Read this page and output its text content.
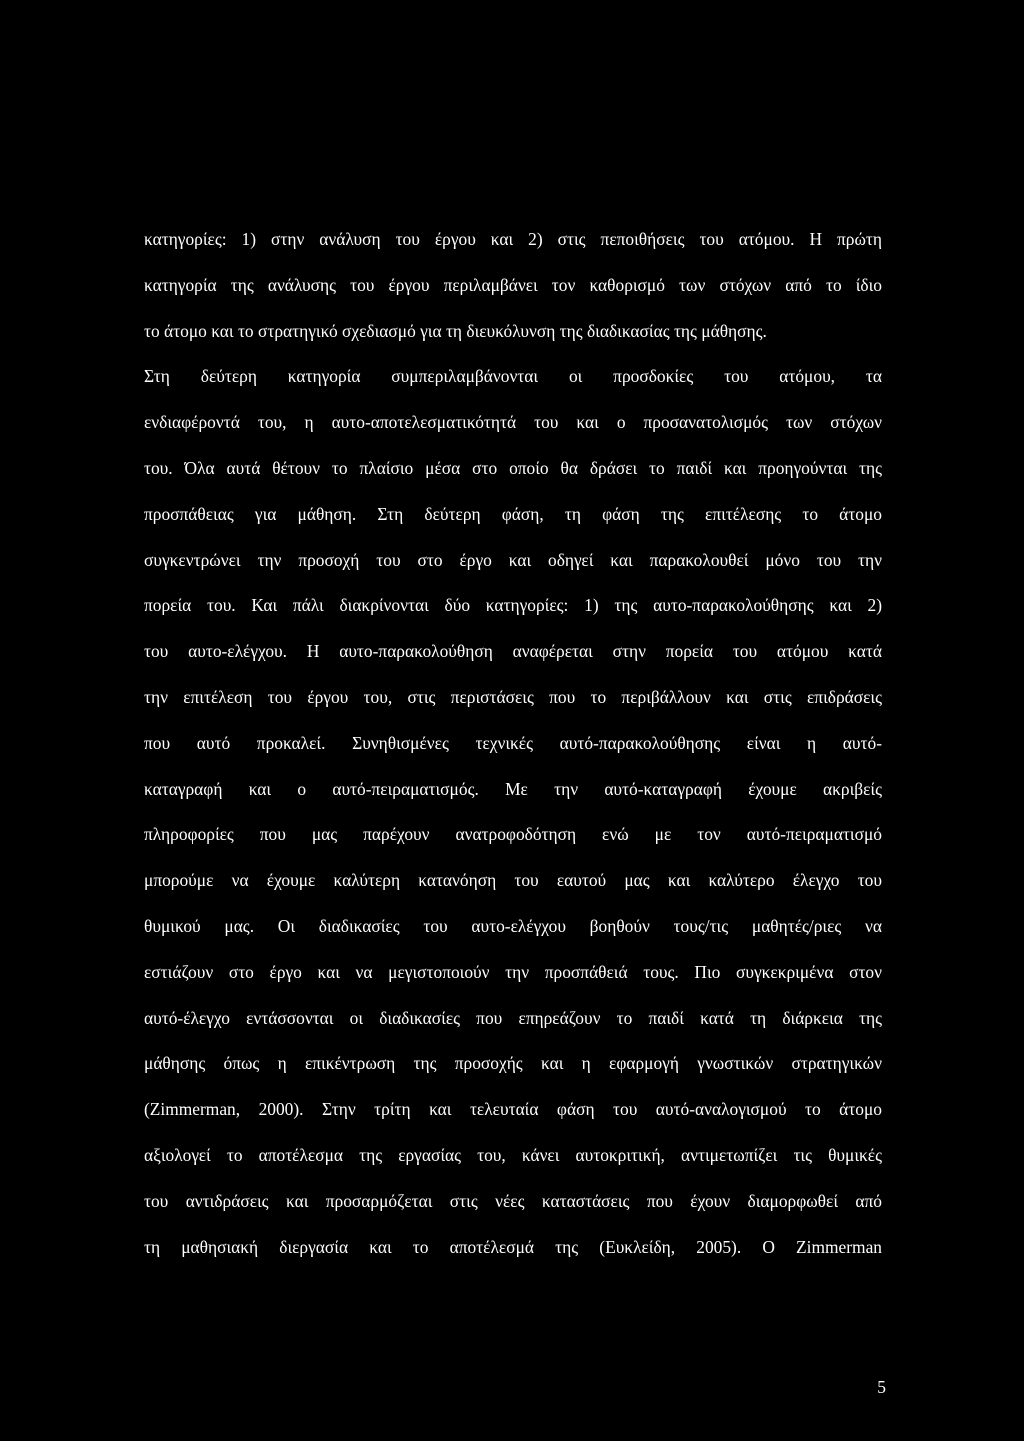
κατηγορίες: 1) στην ανάλυση του έργου και 2) στις πεποιθήσεις του ατόμου. Η πρώτη
κατηγορία της ανάλυσης του έργου περιλαμβάνει τον καθορισμό των στόχων από το ίδιο
το άτομο και το στρατηγικό σχεδιασμό για τη διευκόλυνση της διαδικασίας της μάθησης.
Στη δεύτερη κατηγορία συμπεριλαμβάνονται οι προσδοκίες του ατόμου, τα
ενδιαφέροντά του, η αυτο-αποτελεσματικότητά του και ο προσανατολισμός των στόχων
του. Όλα αυτά θέτουν το πλαίσιο μέσα στο οποίο θα δράσει το παιδί και προηγούνται της
προσπάθειας για μάθηση. Στη δεύτερη φάση, τη φάση της επιτέλεσης το άτομο
συγκεντρώνει την προσοχή του στο έργο και οδηγεί και παρακολουθεί μόνο του την
πορεία του. Και πάλι διακρίνονται δύο κατηγορίες: 1) της αυτο-παρακολούθησης και 2)
του αυτο-ελέγχου. Η αυτο-παρακολούθηση αναφέρεται στην πορεία του ατόμου κατά
την επιτέλεση του έργου του, στις περιστάσεις που το περιβάλλουν και στις επιδράσεις
που αυτό προκαλεί. Συνηθισμένες τεχνικές αυτό-παρακολούθησης είναι η αυτό-
καταγραφή και ο αυτό-πειραματισμός. Με την αυτό-καταγραφή έχουμε ακριβείς
πληροφορίες που μας παρέχουν ανατροφοδότηση ενώ με τον αυτό-πειραματισμό
μπορούμε να έχουμε καλύτερη κατανόηση του εαυτού μας και καλύτερο έλεγχο του
θυμικού μας. Οι διαδικασίες του αυτο-ελέγχου βοηθούν τους/τις μαθητές/ριες να
εστιάζουν στο έργο και να μεγιστοποιούν την προσπάθειά τους. Πιο συγκεκριμένα στον
αυτό-έλεγχο εντάσσονται οι διαδικασίες που επηρεάζουν το παιδί κατά τη διάρκεια της
μάθησης όπως η επικέντρωση της προσοχής και η εφαρμογή γνωστικών στρατηγικών
(Zimmerman, 2000). Στην τρίτη και τελευταία φάση του αυτό-αναλογισμού το άτομο
αξιολογεί το αποτέλεσμα της εργασίας του, κάνει αυτοκριτική, αντιμετωπίζει τις θυμικές
του αντιδράσεις και προσαρμόζεται στις νέες καταστάσεις που έχουν διαμορφωθεί από
τη μαθησιακή διεργασία και το αποτέλεσμά της (Ευκλείδη, 2005). Ο Zimmerman
5
